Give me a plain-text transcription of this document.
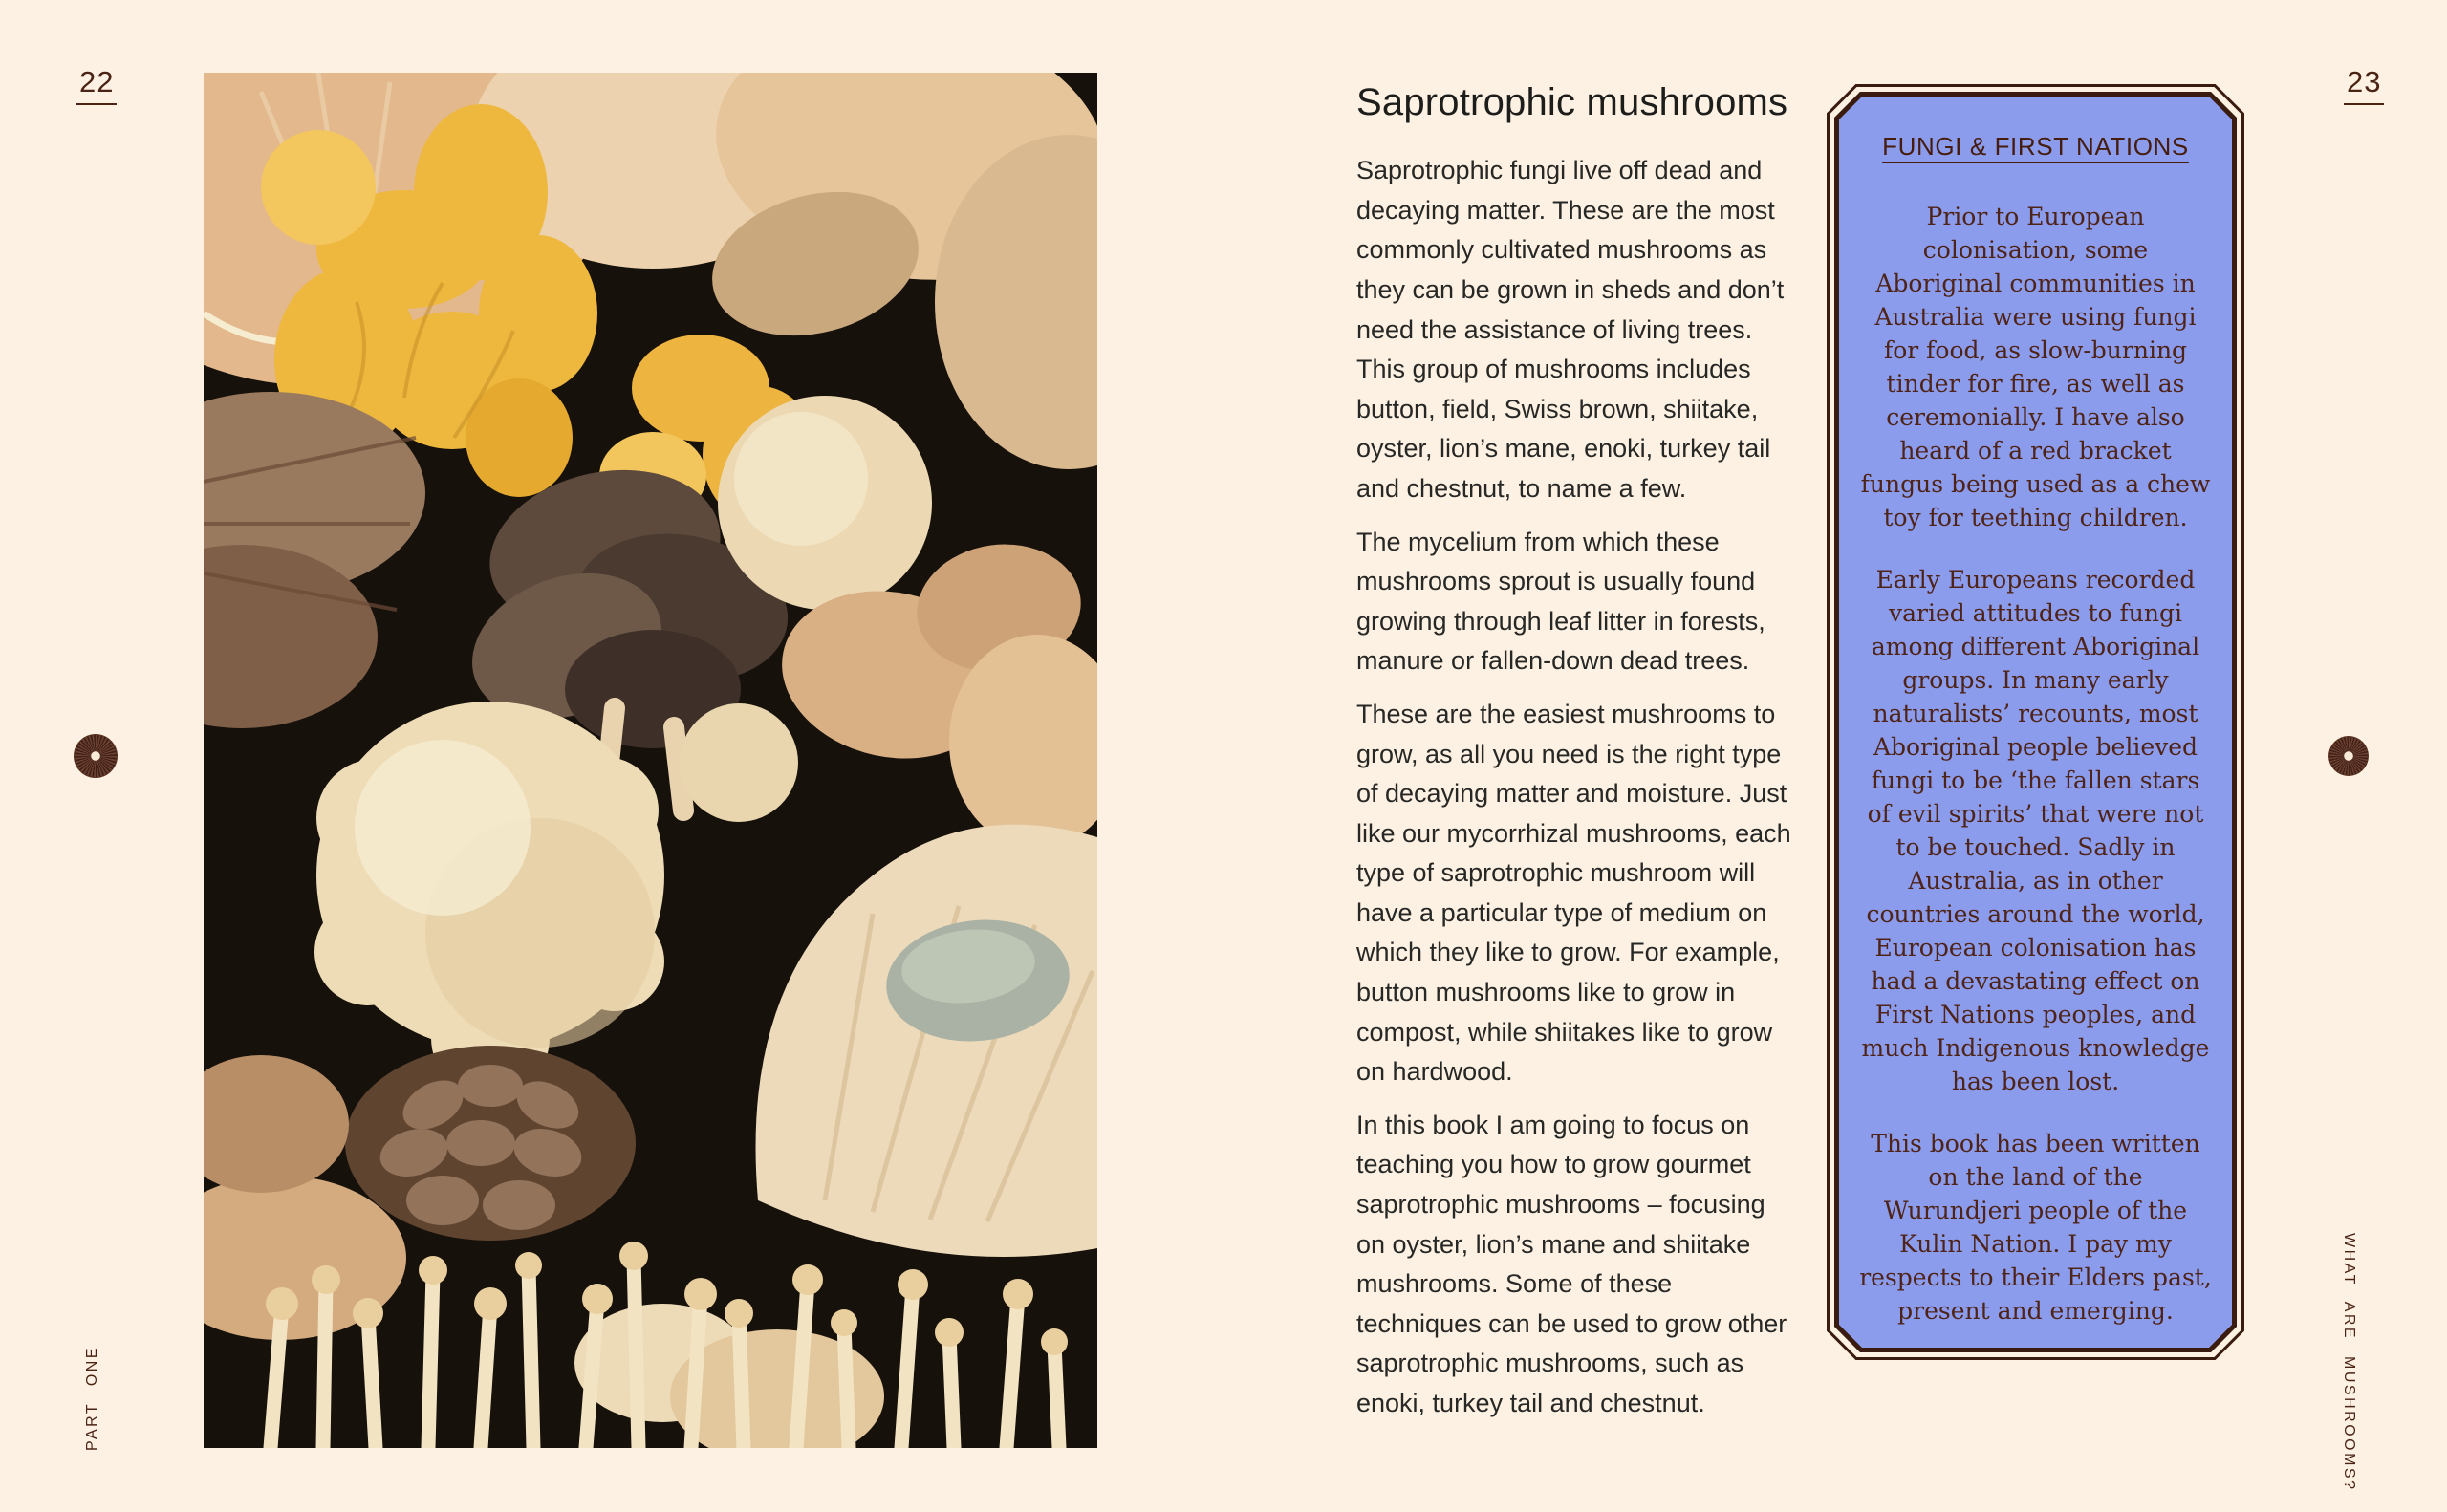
22	23
Saprotrophic mushrooms

Saprotrophic fungi live off dead and decaying matter. These are the most commonly cultivated mushrooms as they can be grown in sheds and don’t need the assistance of living trees. This group of mushrooms includes button, field, Swiss brown, shiitake, oyster, lion’s mane, enoki, turkey tail and chestnut, to name a few.

The mycelium from which these mushrooms sprout is usually found growing through leaf litter in forests, manure or fallen-down dead trees.

These are the easiest mushrooms to grow, as all you need is the right type of decaying matter and moisture. Just like our mycorrhizal mushrooms, each type of saprotrophic mushroom will have a particular type of medium on which they like to grow. For example, button mushrooms like to grow in compost, while shiitakes like to grow on hardwood.

In this book I am going to focus on teaching you how to grow gourmet saprotrophic mushrooms – focusing on oyster, lion’s mane and shiitake mushrooms. Some of these techniques can be used to grow other saprotrophic mushrooms, such as enoki, turkey tail and chestnut.

FUNGI & FIRST NATIONS

Prior to European colonisation, some Aboriginal communities in Australia were using fungi for food, as slow-burning tinder for fire, as well as ceremonially. I have also heard of a red bracket fungus being used as a chew toy for teething children.

Early Europeans recorded varied attitudes to fungi among different Aboriginal groups. In many early naturalists’ recounts, most Aboriginal people believed fungi to be ‘the fallen stars of evil spirits’ that were not to be touched. Sadly in Australia, as in other countries around the world, European colonisation has had a devastating effect on First Nations peoples, and much Indigenous knowledge has been lost.

This book has been written on the land of the Wurundjeri people of the Kulin Nation. I pay my respects to their Elders past, present and emerging.

PART ONE	WHAT ARE MUSHROOMS?
